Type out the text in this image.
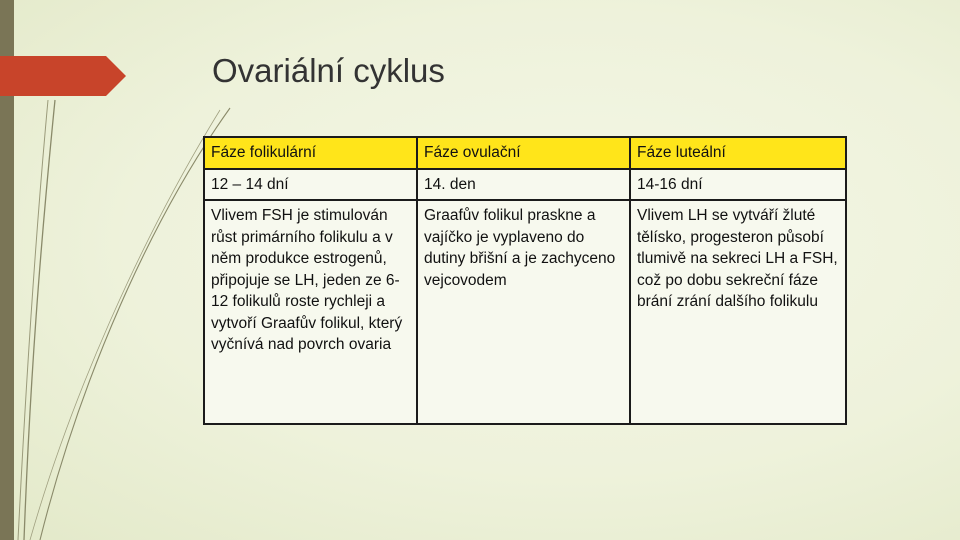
Ovariální cyklus
Fáze folikulární	Fáze ovulační	Fáze luteální
12 – 14 dní	14. den	14-16 dní
Vlivem FSH je stimulován růst primárního folikulu a v něm produkce estrogenů, připojuje se LH, jeden ze 6-12 folikulů roste rychleji a vytvoří Graafův folikul, který vyčnívá nad povrch ovaria	Graafův folikul praskne a vajíčko je vyplaveno do dutiny břišní a je zachyceno vejcovodem	Vlivem LH se vytváří žluté tělísko, progesteron působí tlumivě na sekreci LH a FSH, což po dobu sekreční fáze brání zrání dalšího folikulu
